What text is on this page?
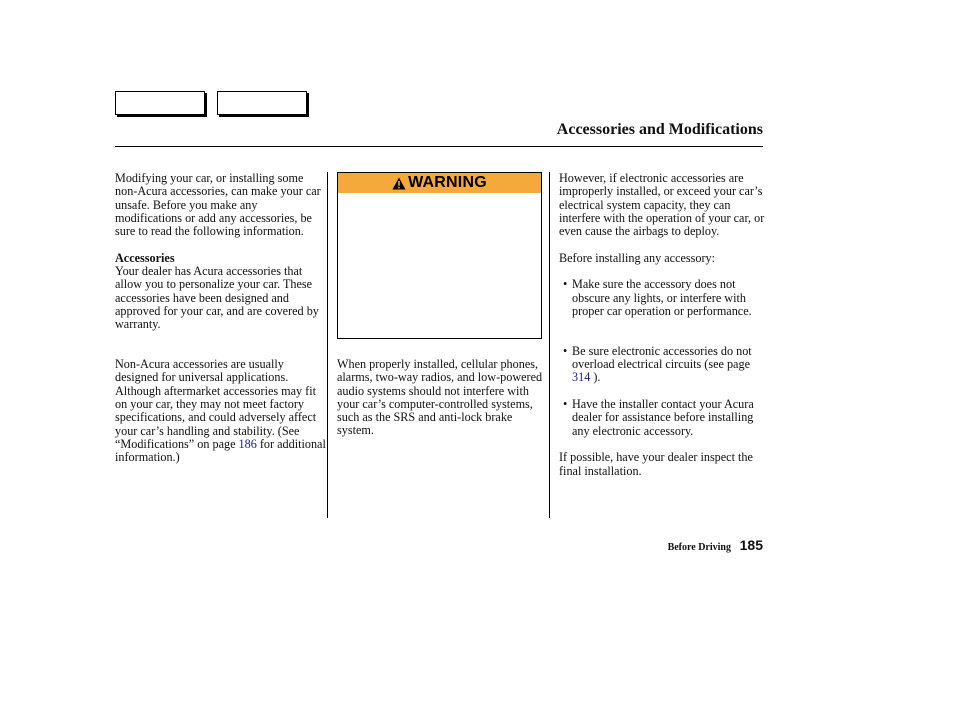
Accessories and Modifications

Modifying your car, or installing some non-Acura accessories, can make your car unsafe. Before you make any modifications or add any accessories, be sure to read the following information.

Accessories

Your dealer has Acura accessories that allow you to personalize your car. These accessories have been designed and approved for your car, and are covered by warranty.

Non-Acura accessories are usually designed for universal applications. Although aftermarket accessories may fit on your car, they may not meet factory specifications, and could adversely affect your car’s handling and stability. (See “Modifications” on page 186 for additional information.)

WARNING

When properly installed, cellular phones, alarms, two-way radios, and low-powered audio systems should not interfere with your car’s computer-controlled systems, such as the SRS and anti-lock brake system.

However, if electronic accessories are improperly installed, or exceed your car’s electrical system capacity, they can interfere with the operation of your car, or even cause the airbags to deploy.

Before installing any accessory:

• Make sure the accessory does not obscure any lights, or interfere with proper car operation or performance.
• Be sure electronic accessories do not overload electrical circuits (see page 314 ).
• Have the installer contact your Acura dealer for assistance before installing any electronic accessory.

If possible, have your dealer inspect the final installation.

Before Driving 185
